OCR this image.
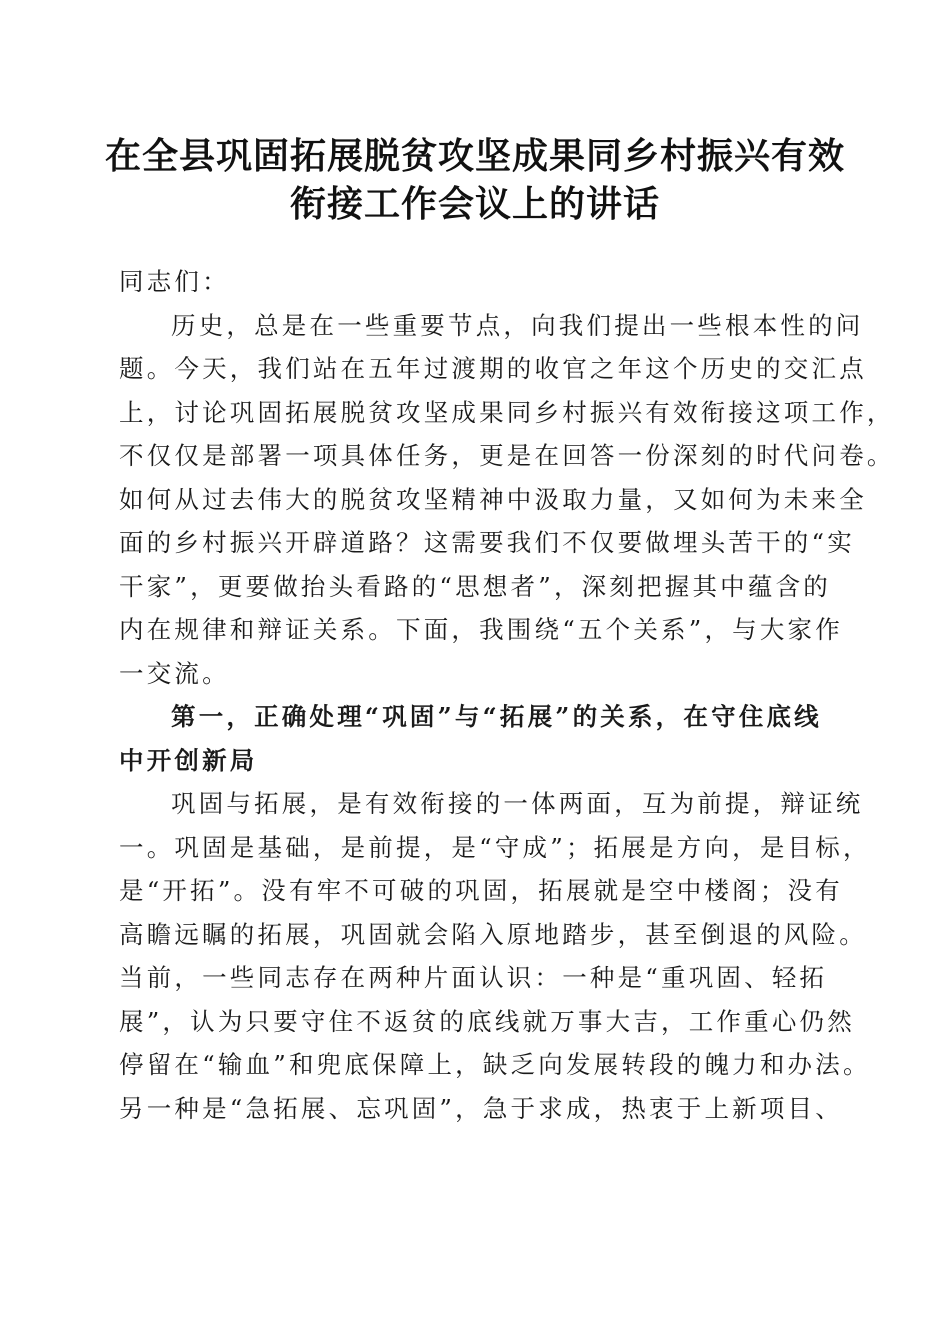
在全县巩固拓展脱贫攻坚成果同乡村振兴有效
衔接工作会议上的讲话
同志们：
历史，总是在一些重要节点，向我们提出一些根本性的问
题。今天，我们站在五年过渡期的收官之年这个历史的交汇点
上，讨论巩固拓展脱贫攻坚成果同乡村振兴有效衔接这项工作，
不仅仅是部署一项具体任务，更是在回答一份深刻的时代问卷。
如何从过去伟大的脱贫攻坚精神中汲取力量，又如何为未来全
面的乡村振兴开辟道路？这需要我们不仅要做埋头苦干的“实
干家”，更要做抬头看路的“思想者”，深刻把握其中蕴含的
内在规律和辩证关系。下面，我围绕“五个关系”，与大家作
一交流。
第一，正确处理“巩固”与“拓展”的关系，在守住底线
中开创新局
巩固与拓展，是有效衔接的一体两面，互为前提，辩证统
一。巩固是基础，是前提，是“守成”；拓展是方向，是目标，
是“开拓”。没有牢不可破的巩固，拓展就是空中楼阁；没有
高瞻远瞩的拓展，巩固就会陷入原地踏步，甚至倒退的风险。
当前，一些同志存在两种片面认识：一种是“重巩固、轻拓
展”，认为只要守住不返贫的底线就万事大吉，工作重心仍然
停留在“输血”和兜底保障上，缺乏向发展转段的魄力和办法。
另一种是“急拓展、忘巩固”，急于求成，热衷于上新项目、
